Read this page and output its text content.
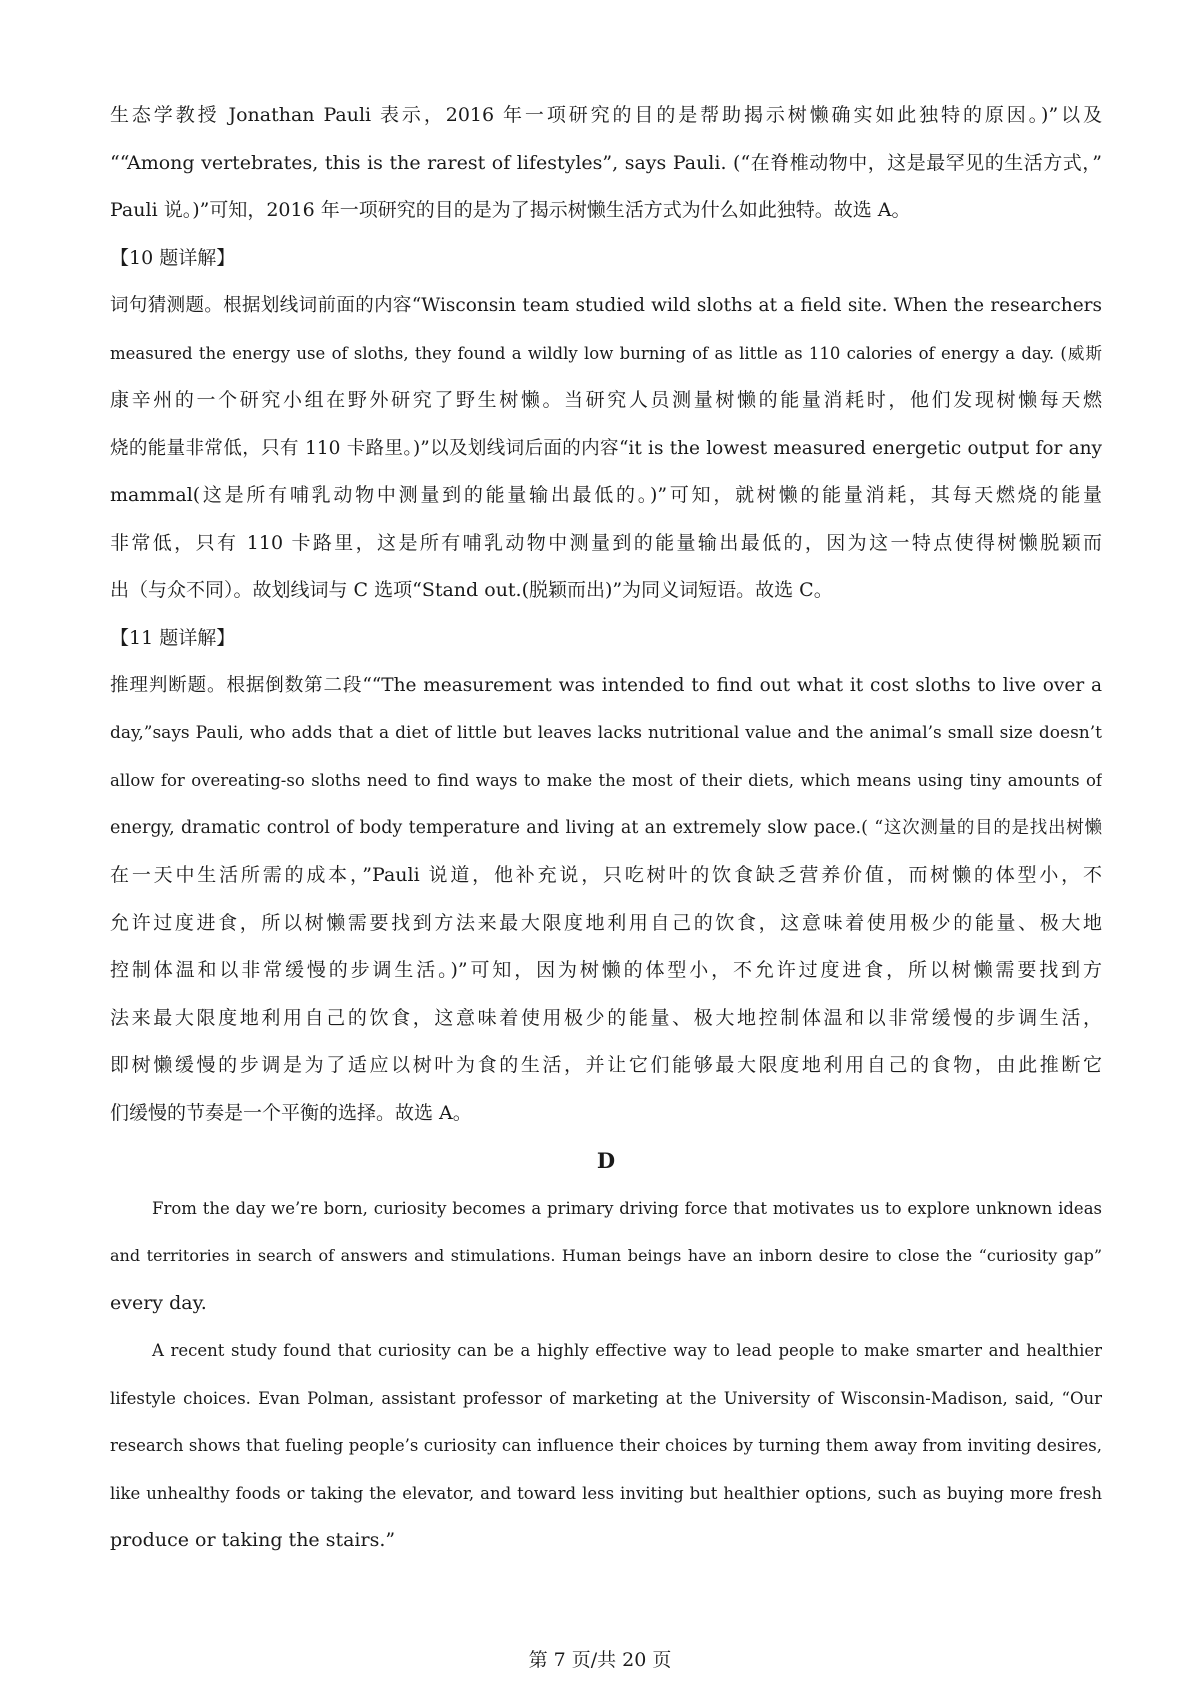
生态学教授 Jonathan Pauli 表示，2016 年一项研究的目的是帮助揭示树懒确实如此独特的原因。)”以及
““Among vertebrates, this is the rarest of lifestyles”, says Pauli. (“在脊椎动物中，这是最罕见的生活方式，”
Pauli 说。)”可知，2016 年一项研究的目的是为了揭示树懒生活方式为什么如此独特。故选 A。
【10 题详解】
词句猜测题。根据划线词前面的内容“Wisconsin team studied wild sloths at a field site. When the researchers
measured the energy use of sloths, they found a wildly low burning of as little as 110 calories of energy a day. (威斯
康辛州的一个研究小组在野外研究了野生树懒。当研究人员测量树懒的能量消耗时，他们发现树懒每天燃
烧的能量非常低，只有 110 卡路里。)”以及划线词后面的内容“it is the lowest measured energetic output for any
mammal(这是所有哺乳动物中测量到的能量输出最低的。)”可知，就树懒的能量消耗，其每天燃烧的能量
非常低，只有 110 卡路里，这是所有哺乳动物中测量到的能量输出最低的，因为这一特点使得树懒脱颖而
出（与众不同）。故划线词与 C 选项“Stand out.(脱颖而出)”为同义词短语。故选 C。
【11 题详解】
推理判断题。根据倒数第二段““The measurement was intended to find out what it cost sloths to live over a
day,”says Pauli, who adds that a diet of little but leaves lacks nutritional value and the animal’s small size doesn’t
allow for overeating-so sloths need to find ways to make the most of their diets, which means using tiny amounts of
energy, dramatic control of body temperature and living at an extremely slow pace.( “这次测量的目的是找出树懒
在一天中生活所需的成本，”Pauli 说道，他补充说，只吃树叶的饮食缺乏营养价值，而树懒的体型小，不
允许过度进食，所以树懒需要找到方法来最大限度地利用自己的饮食，这意味着使用极少的能量、极大地
控制体温和以非常缓慢的步调生活。)”可知，因为树懒的体型小，不允许过度进食，所以树懒需要找到方
法来最大限度地利用自己的饮食，这意味着使用极少的能量、极大地控制体温和以非常缓慢的步调生活，
即树懒缓慢的步调是为了适应以树叶为食的生活，并让它们能够最大限度地利用自己的食物，由此推断它
们缓慢的节奏是一个平衡的选择。故选 A。
D
From the day we’re born, curiosity becomes a primary driving force that motivates us to explore unknown ideas
and territories in search of answers and stimulations. Human beings have an inborn desire to close the “curiosity gap”
every day.
A recent study found that curiosity can be a highly effective way to lead people to make smarter and healthier
lifestyle choices. Evan Polman, assistant professor of marketing at the University of Wisconsin-Madison, said, “Our
research shows that fueling people’s curiosity can influence their choices by turning them away from inviting desires,
like unhealthy foods or taking the elevator, and toward less inviting but healthier options, such as buying more fresh
produce or taking the stairs.”
第 7 页/共 20 页
